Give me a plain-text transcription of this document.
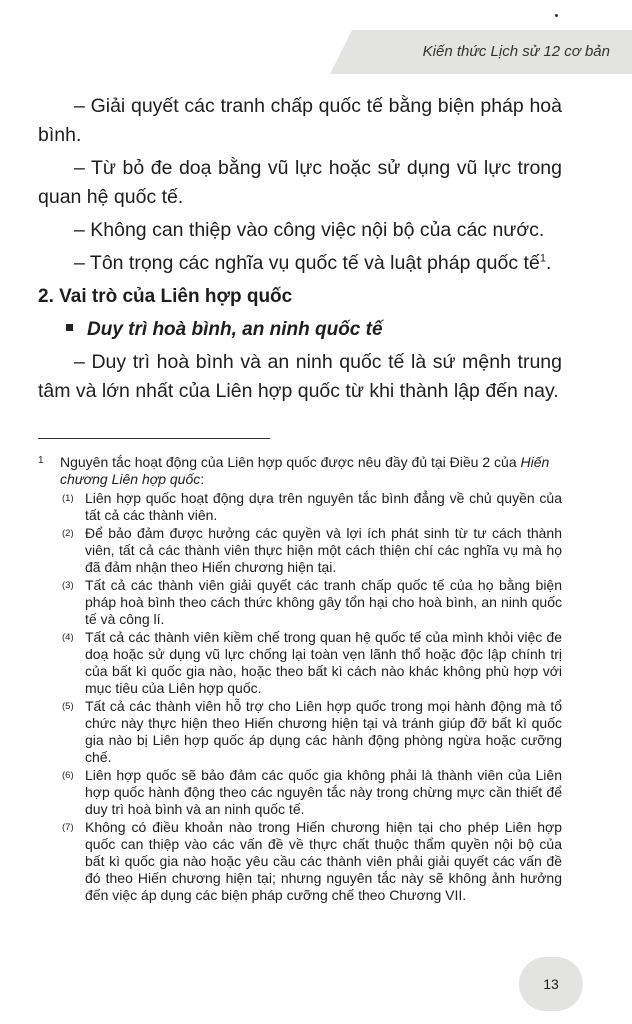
Kiến thức Lịch sử 12 cơ bản

– Giải quyết các tranh chấp quốc tế bằng biện pháp hoà bình.

– Từ bỏ đe doạ bằng vũ lực hoặc sử dụng vũ lực trong quan hệ quốc tế.

– Không can thiệp vào công việc nội bộ của các nước.

– Tôn trọng các nghĩa vụ quốc tế và luật pháp quốc tế$^1$.

2. Vai trò của Liên hợp quốc
Duy trì hoà bình, an ninh quốc tế

– Duy trì hoà bình và an ninh quốc tế là sứ mệnh trung tâm và lớn nhất của Liên hợp quốc từ khi thành lập đến nay.

1 Nguyên tắc hoạt động của Liên hợp quốc được nêu đầy đủ tại Điều 2 của Hiến chương Liên hợp quốc:
(1) Liên hợp quốc hoạt động dựa trên nguyên tắc bình đẳng về chủ quyền của tất cả các thành viên.
(2) Để bảo đảm được hưởng các quyền và lợi ích phát sinh từ tư cách thành viên, tất cả các thành viên thực hiện một cách thiện chí các nghĩa vụ mà họ đã đảm nhận theo Hiến chương hiện tại.
(3) Tất cả các thành viên giải quyết các tranh chấp quốc tế của họ bằng biện pháp hoà bình theo cách thức không gây tổn hại cho hoà bình, an ninh quốc tế và công lí.
(4) Tất cả các thành viên kiềm chế trong quan hệ quốc tế của mình khỏi việc đe doạ hoặc sử dụng vũ lực chống lại toàn vẹn lãnh thổ hoặc độc lập chính trị của bất kì quốc gia nào, hoặc theo bất kì cách nào khác không phù hợp với mục tiêu của Liên hợp quốc.
(5) Tất cả các thành viên hỗ trợ cho Liên hợp quốc trong mọi hành động mà tổ chức này thực hiện theo Hiến chương hiện tại và tránh giúp đỡ bất kì quốc gia nào bị Liên hợp quốc áp dụng các hành động phòng ngừa hoặc cưỡng chế.
(6) Liên hợp quốc sẽ bảo đảm các quốc gia không phải là thành viên của Liên hợp quốc hành động theo các nguyên tắc này trong chừng mực cần thiết để duy trì hoà bình và an ninh quốc tế.
(7) Không có điều khoản nào trong Hiến chương hiện tại cho phép Liên hợp quốc can thiệp vào các vấn đề về thực chất thuộc thẩm quyền nội bộ của bất kì quốc gia nào hoặc yêu cầu các thành viên phải giải quyết các vấn đề đó theo Hiến chương hiện tại; nhưng nguyên tắc này sẽ không ảnh hưởng đến việc áp dụng các biện pháp cưỡng chế theo Chương VII.
13
